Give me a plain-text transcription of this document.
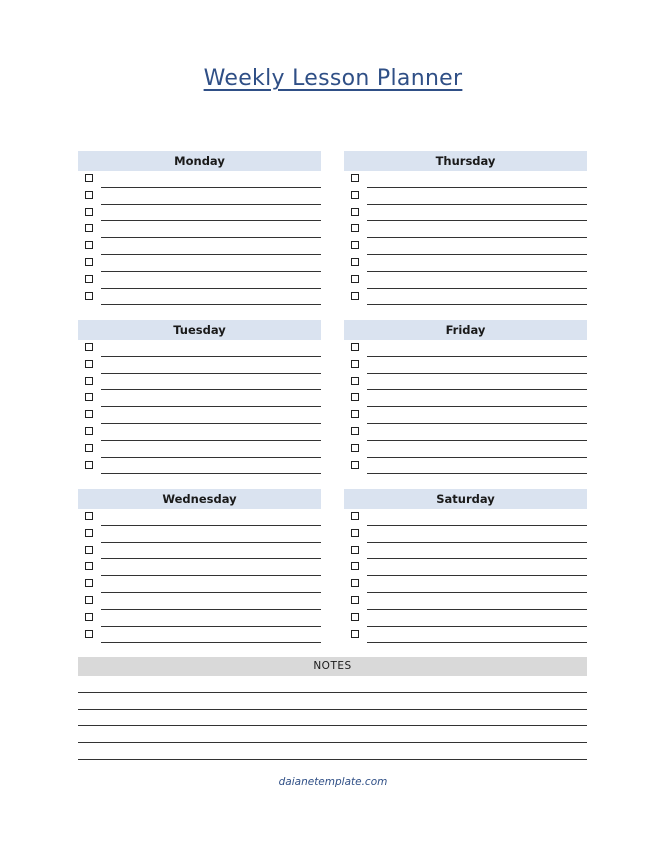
Weekly Lesson Planner
Monday	Thursday
Tuesday	Friday
Wednesday	Saturday
NOTES
daianetemplate.com
